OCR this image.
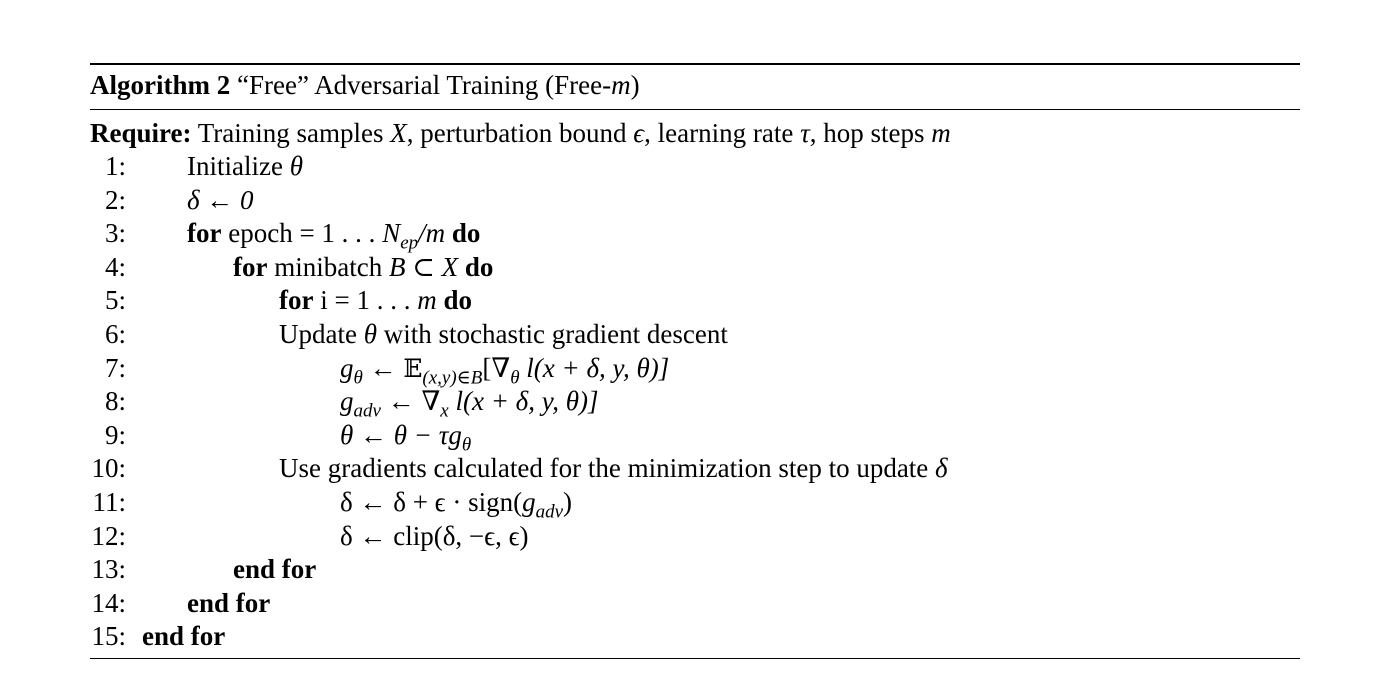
Algorithm 2 “Free” Adversarial Training (Free-m)
Require: Training samples X, perturbation bound ϵ, learning rate τ, hop steps m
1: Initialize θ
2: δ ← 0
3: for epoch = 1 . . . $N_{ep}/m$ do
4:	for minibatch B ⊂ X do
5:	for i = 1 . . . m do
6:	Update θ with stochastic gradient descent
7:	$g_\theta$ ← $𝔼_{(x,y)\in B}[\nabla_\theta$ l(x + δ, y, θ)]
8:	$g_{adv}$ ← $\nabla_x$ l(x + δ, y, θ)]
9:	θ ← $\theta - \tau g_\theta$
10:	Use gradients calculated for the minimization step to update δ
11:	δ ← $\delta + \epsilon \cdot sign(g_{adv})$
12:	δ ← clip(δ, −ϵ, ϵ)
13:	end for
14: end for
15: end for
